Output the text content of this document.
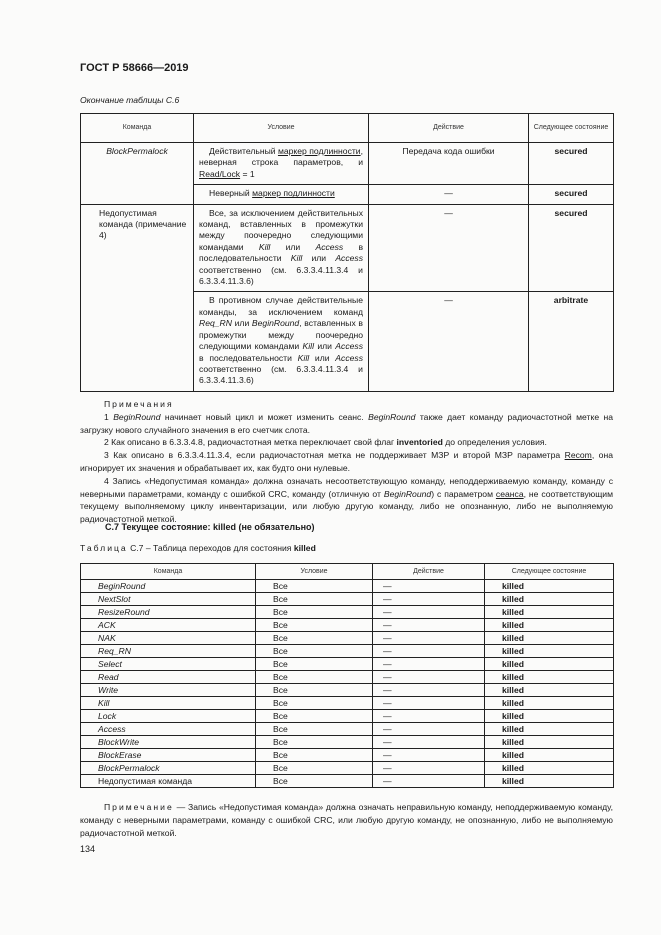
ГОСТ Р 58666—2019
Окончание таблицы С.6
Команда	Условие	Действие	Следующее состояние
BlockPermalock	Действительный маркер подлинности, неверная строка параметров, и Read/Lock = 1	Передача кода ошибки	secured
	Неверный маркер подлинности	—	secured
Недопустимая команда (примечание 4)	Все, за исключением действительных команд, вставленных в промежутки между поочередно следующими командами Kill или Access в последовательности Kill или Access соответственно (см. 6.3.3.4.11.3.4 и 6.3.3.4.11.3.6)	—	secured
	В противном случае действительные команды, за исключением команд Req_RN или BeginRound, вставленных в промежутки между поочередно следующими командами Kill или Access в последовательности Kill или Access соответственно (см. 6.3.3.4.11.3.4 и 6.3.3.4.11.3.6)	—	arbitrate

Примечания

1 BeginRound начинает новый цикл и может изменить сеанс. BeginRound также дает команду радиочастотной метке на загрузку нового случайного значения в его счетчик слота.

2 Как описано в 6.3.3.4.8, радиочастотная метка переключает свой флаг inventoried до определения условия.

3 Как описано в 6.3.3.4.11.3.4, если радиочастотная метка не поддерживает МЗР и второй МЗР параметра Recom, она игнорирует их значения и обрабатывает их, как будто они нулевые.

4 Запись «Недопустимая команда» должна означать несоответствующую команду, неподдерживаемую команду, команду с неверными параметрами, команду с ошибкой CRC, команду (отличную от BeginRound) с параметром сеанса, не соответствующим текущему выполняемому циклу инвентаризации, или любую другую команду, либо не опознанную, либо не выполняемую радиочастотной меткой.

С.7 Текущее состояние: killed (не обязательно)
Таблица С.7 – Таблица переходов для состояния killed
Команда	Условие	Действие	Следующее состояние
BeginRound	Все	—	killed
NextSlot	Все	—	killed
ResizeRound	Все	—	killed
ACK	Все	—	killed
NAK	Все	—	killed
Req_RN	Все	—	killed
Select	Все	—	killed
Read	Все	—	killed
Write	Все	—	killed
Kill	Все	—	killed
Lock	Все	—	killed
Access	Все	—	killed
BlockWrite	Все	—	killed
BlockErase	Все	—	killed
BlockPermalock	Все	—	killed
Недопустимая команда	Все	—	killed

Примечание — Запись «Недопустимая команда» должна означать неправильную команду, неподдерживаемую команду, команду с неверными параметрами, команду с ошибкой CRC, или любую другую команду, не опознанную, либо не выполняемую радиочастотной меткой.

134
